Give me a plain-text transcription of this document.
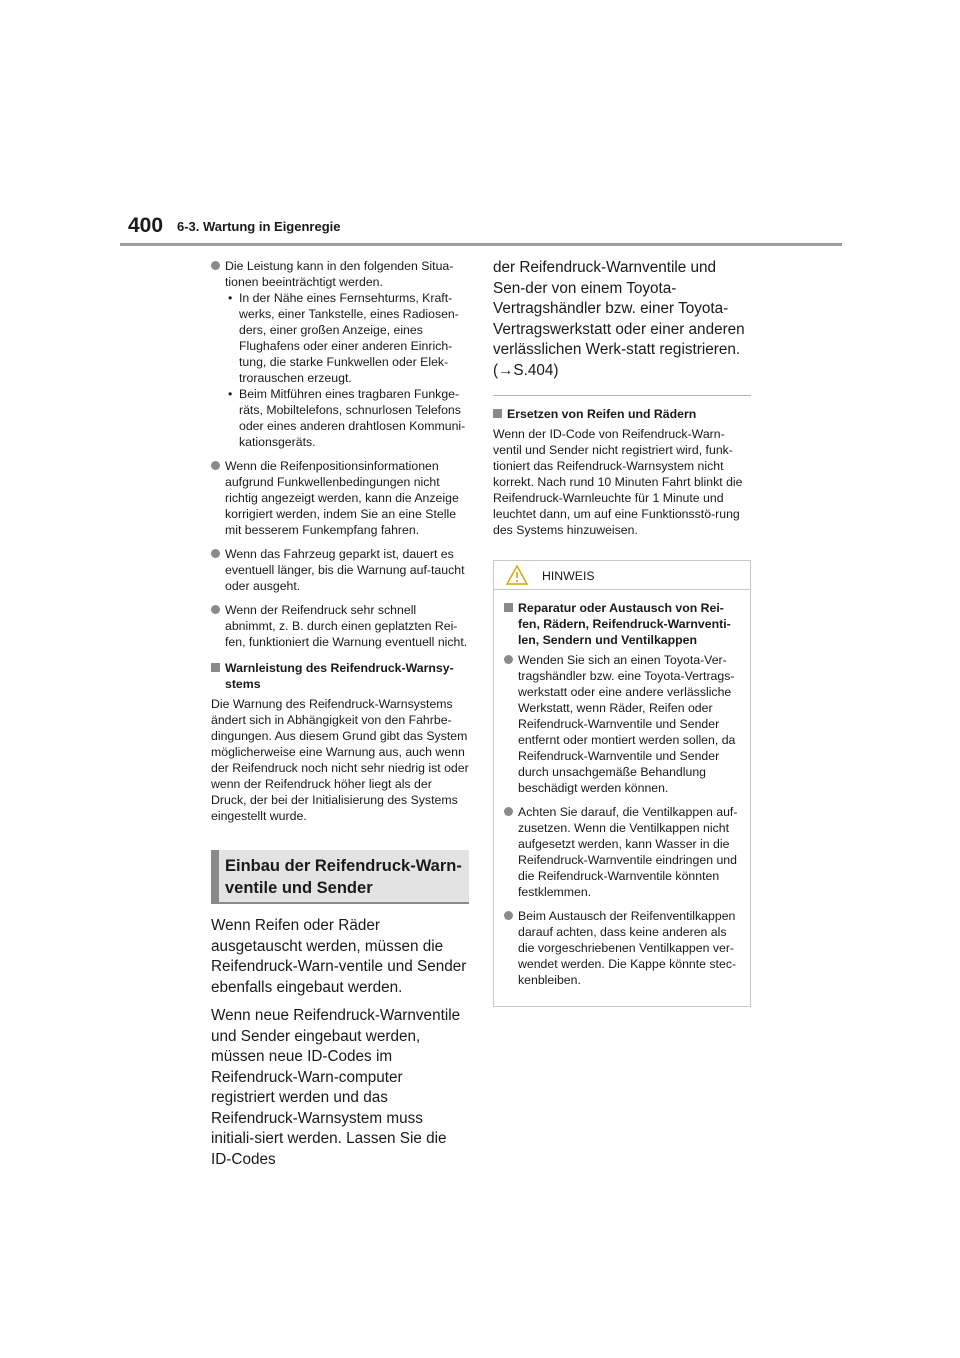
400 6-3. Wartung in Eigenregie
Die Leistung kann in den folgenden Situa-tionen beeinträchtigt werden.
• In der Nähe eines Fernsehturms, Kraft-werks, einer Tankstelle, eines Radiosen-ders, einer großen Anzeige, eines Flughafens oder einer anderen Einrich-tung, die starke Funkwellen oder Elek-trorauschen erzeugt.
• Beim Mitführen eines tragbaren Funkge-räts, Mobiltelefons, schnurlosen Telefons oder eines anderen drahtlosen Kommuni-kationsgeräts.
Wenn die Reifenpositionsinformationen aufgrund Funkwellenbedingungen nicht richtig angezeigt werden, kann die Anzeige korrigiert werden, indem Sie an eine Stelle mit besserem Funkempfang fahren.
Wenn das Fahrzeug geparkt ist, dauert es eventuell länger, bis die Warnung auf-taucht oder ausgeht.
Wenn der Reifendruck sehr schnell abnimmt, z. B. durch einen geplatzten Rei-fen, funktioniert die Warnung eventuell nicht.
Warnleistung des Reifendruck-Warnsy-stems

Die Warnung des Reifendruck-Warnsystems ändert sich in Abhängigkeit von den Fahrbe-dingungen. Aus diesem Grund gibt das System möglicherweise eine Warnung aus, auch wenn der Reifendruck noch nicht sehr niedrig ist oder wenn der Reifendruck höher liegt als der Druck, der bei der Initialisierung des Systems eingestellt wurde.

Einbau der Reifendruck-Warn-ventile und Sender

Wenn Reifen oder Räder ausgetauscht werden, müssen die Reifendruck-Warn-ventile und Sender ebenfalls eingebaut werden.

Wenn neue Reifendruck-Warnventile und Sender eingebaut werden, müssen neue ID-Codes im Reifendruck-Warn-computer registriert werden und das Reifendruck-Warnsystem muss initiali-siert werden. Lassen Sie die ID-Codes

der Reifendruck-Warnventile und Sen-der von einem Toyota-Vertragshändler bzw. einer Toyota-Vertragswerkstatt oder einer anderen verlässlichen Werk-statt registrieren. (→S.404)

Ersetzen von Reifen und Rädern

Wenn der ID-Code von Reifendruck-Warn-ventil und Sender nicht registriert wird, funk-tioniert das Reifendruck-Warnsystem nicht korrekt. Nach rund 10 Minuten Fahrt blinkt die Reifendruck-Warnleuchte für 1 Minute und leuchtet dann, um auf eine Funktionsstö-rung des Systems hinzuweisen.

HINWEIS
Reparatur oder Austausch von Rei-fen, Rädern, Reifendruck-Warnventi-len, Sendern und Ventilkappen
Wenden Sie sich an einen Toyota-Ver-tragshändler bzw. eine Toyota-Vertrags-werkstatt oder eine andere verlässliche Werkstatt, wenn Räder, Reifen oder Reifendruck-Warnventile und Sender entfernt oder montiert werden sollen, da Reifendruck-Warnventile und Sender durch unsachgemäße Behandlung beschädigt werden können.
Achten Sie darauf, die Ventilkappen auf-zusetzen. Wenn die Ventilkappen nicht aufgesetzt werden, kann Wasser in die Reifendruck-Warnventile eindringen und die Reifendruck-Warnventile könnten festklemmen.
Beim Austausch der Reifenventilkappen darauf achten, dass keine anderen als die vorgeschriebenen Ventilkappen ver-wendet werden. Die Kappe könnte stec-kenbleiben.
